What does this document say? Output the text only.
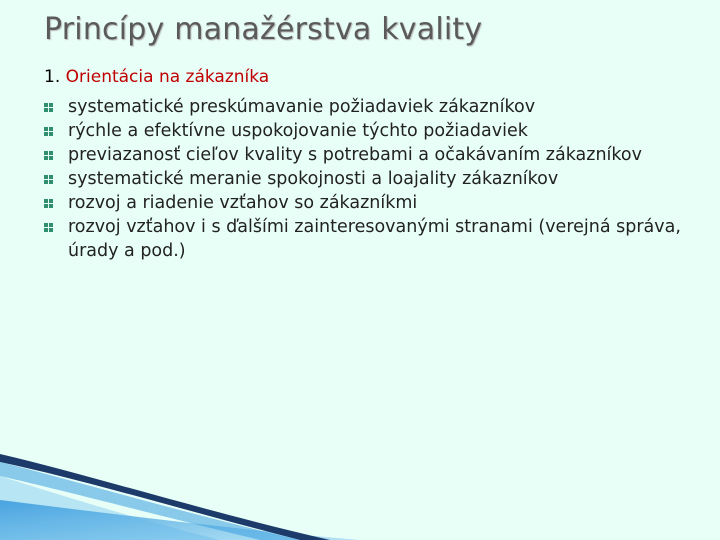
Princípy manažérstva kvality
1. Orientácia na zákazníka
systematické preskúmavanie požiadaviek zákazníkov
rýchle a efektívne uspokojovanie týchto požiadaviek
previazanosť cieľov kvality s potrebami a očakávaním zákazníkov
systematické meranie spokojnosti a loajality zákazníkov
rozvoj a riadenie vzťahov so zákazníkmi
rozvoj vzťahov i s ďalšími zainteresovanými stranami (verejná správa, úrady a pod.)
